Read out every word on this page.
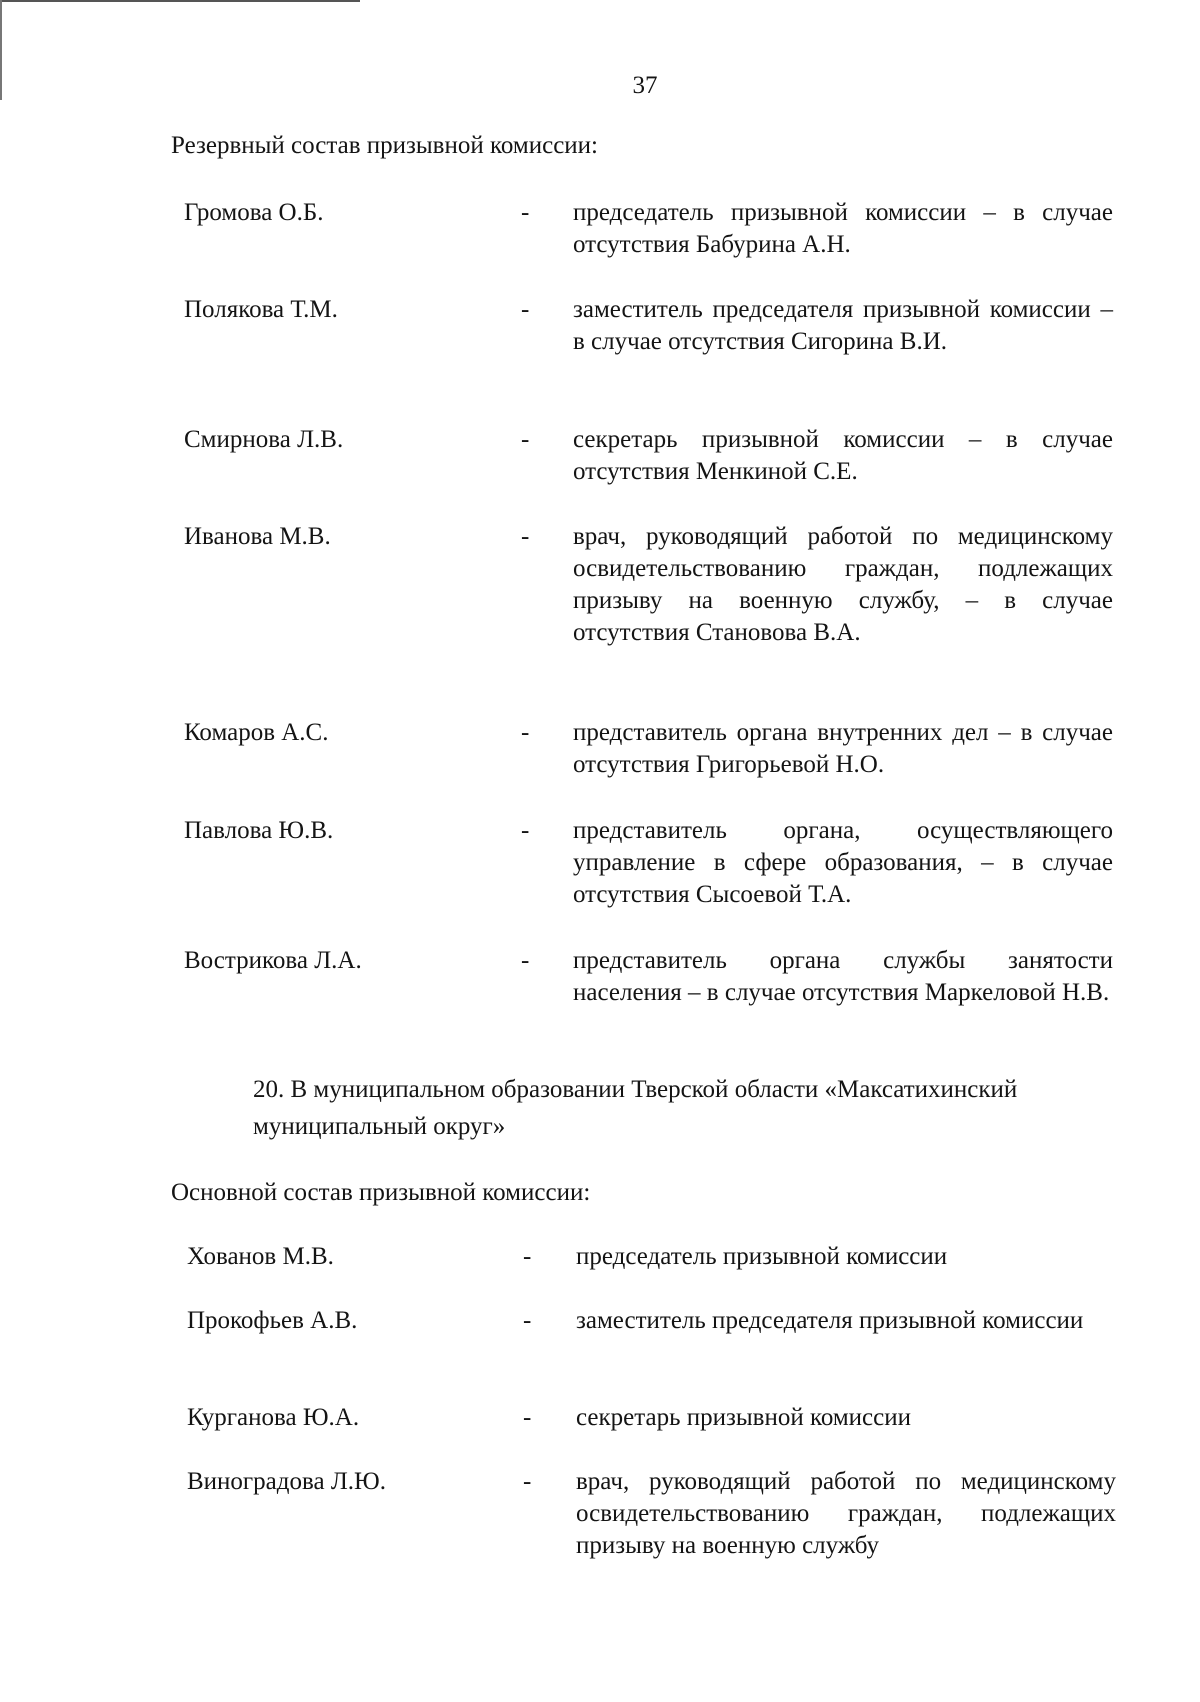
37
Резервный состав призывной комиссии:
Громова О.Б.	- председатель призывной комиссии – в случае отсутствия Бабурина А.Н.
Полякова Т.М.	- заместитель председателя призывной комиссии – в случае отсутствия Сигорина В.И.
Смирнова Л.В.	- секретарь призывной комиссии – в случае отсутствия Менкиной С.Е.
Иванова М.В.	- врач, руководящий работой по медицинскому освидетельствованию граждан, подлежащих призыву на военную службу, – в случае отсутствия Становова В.А.
Комаров А.С.	- представитель органа внутренних дел – в случае отсутствия Григорьевой Н.О.
Павлова Ю.В.	- представитель органа, осуществляющего управление в сфере образования, – в случае отсутствия Сысоевой Т.А.
Вострикова Л.А.	- представитель органа службы занятости населения – в случае отсутствия Маркеловой Н.В.
20. В муниципальном образовании Тверской области «Максатихинский муниципальный округ»
Основной состав призывной комиссии:
Хованов М.В.	- председатель призывной комиссии
Прокофьев А.В.	- заместитель председателя призывной комиссии
Курганова Ю.А.	- секретарь призывной комиссии
Виноградова Л.Ю.	- врач, руководящий работой по медицинскому освидетельствованию граждан, подлежащих призыву на военную службу
